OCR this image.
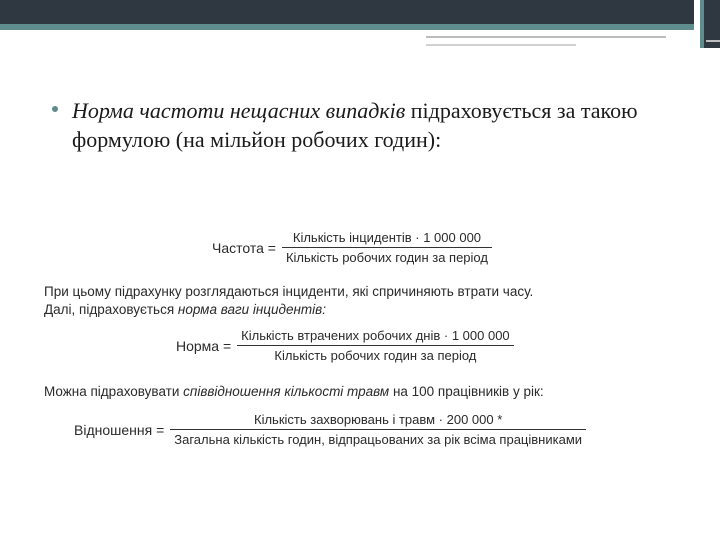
Норма частоти нещасних випадків підраховується за такою формулою (на мільйон робочих годин):
Частота = $\frac{\text{Кількість інцидентів · 1 000 000}}{\text{Кількість робочих годин за період}}$
При цьому підрахунку розглядаються інциденти, які спричиняють втрати часу.
Далі, підраховується норма ваги інцидентів:
Норма = $\frac{\text{Кількість втрачених робочих днів · 1 000 000}}{\text{Кількість робочих годин за період}}$
Можна підраховувати співвідношення кількості травм на 100 працівників у рік:
Відношення =
Кількість захворювань і травм · 200 000 *
Загальна кількість годин, відпрацьованих за рік всіма працівниками
